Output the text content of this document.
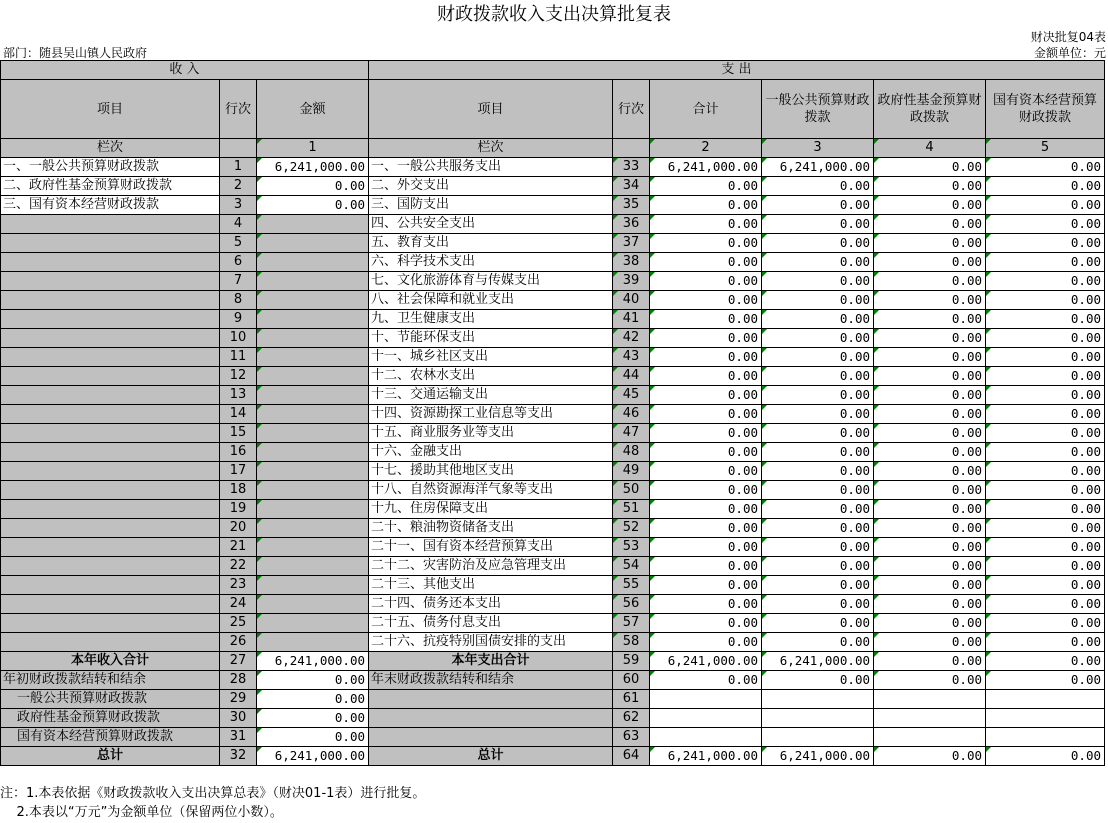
财政拨款收入支出决算批复表
财决批复04表
部门：随县吴山镇人民政府	金额单位：元
收 入			支 出					
项目	行次	金额	项目	行次	合计	一般公共预算财政拨款	政府性基金预算财政拨款	国有资本经营预算财政拨款
栏次		1	栏次		2	3	4	5
一、一般公共预算财政拨款	1	6,241,000.00	一、一般公共服务支出	33	6,241,000.00	6,241,000.00	0.00	0.00
二、政府性基金预算财政拨款	2	0.00	二、外交支出	34	0.00	0.00	0.00	0.00
三、国有资本经营财政拨款	3	0.00	三、国防支出	35	0.00	0.00	0.00	0.00
	4		四、公共安全支出	36	0.00	0.00	0.00	0.00
	5		五、教育支出	37	0.00	0.00	0.00	0.00
	6		六、科学技术支出	38	0.00	0.00	0.00	0.00
	7		七、文化旅游体育与传媒支出	39	0.00	0.00	0.00	0.00
	8		八、社会保障和就业支出	40	0.00	0.00	0.00	0.00
	9		九、卫生健康支出	41	0.00	0.00	0.00	0.00
	10		十、节能环保支出	42	0.00	0.00	0.00	0.00
	11		十一、城乡社区支出	43	0.00	0.00	0.00	0.00
	12		十二、农林水支出	44	0.00	0.00	0.00	0.00
	13		十三、交通运输支出	45	0.00	0.00	0.00	0.00
	14		十四、资源勘探工业信息等支出	46	0.00	0.00	0.00	0.00
	15		十五、商业服务业等支出	47	0.00	0.00	0.00	0.00
	16		十六、金融支出	48	0.00	0.00	0.00	0.00
	17		十七、援助其他地区支出	49	0.00	0.00	0.00	0.00
	18		十八、自然资源海洋气象等支出	50	0.00	0.00	0.00	0.00
	19		十九、住房保障支出	51	0.00	0.00	0.00	0.00
	20		二十、粮油物资储备支出	52	0.00	0.00	0.00	0.00
	21		二十一、国有资本经营预算支出	53	0.00	0.00	0.00	0.00
	22		二十二、灾害防治及应急管理支出	54	0.00	0.00	0.00	0.00
	23		二十三、其他支出	55	0.00	0.00	0.00	0.00
	24		二十四、债务还本支出	56	0.00	0.00	0.00	0.00
	25		二十五、债务付息支出	57	0.00	0.00	0.00	0.00
	26		二十六、抗疫特别国债安排的支出	58	0.00	0.00	0.00	0.00
本年收入合计	27	6,241,000.00	本年支出合计	59	6,241,000.00	6,241,000.00	0.00	0.00
年初财政拨款结转和结余	28	0.00	年末财政拨款结转和结余	60	0.00	0.00	0.00	0.00
一般公共预算财政拨款	29	0.00		61				
政府性基金预算财政拨款	30	0.00		62				
国有资本经营预算财政拨款	31	0.00		63				
总计	32	6,241,000.00	总计	64	6,241,000.00	6,241,000.00	0.00	0.00
注：1.本表依据《财政拨款收入支出决算总表》（财决01-1表）进行批复。
2.本表以“万元”为金额单位（保留两位小数）。
